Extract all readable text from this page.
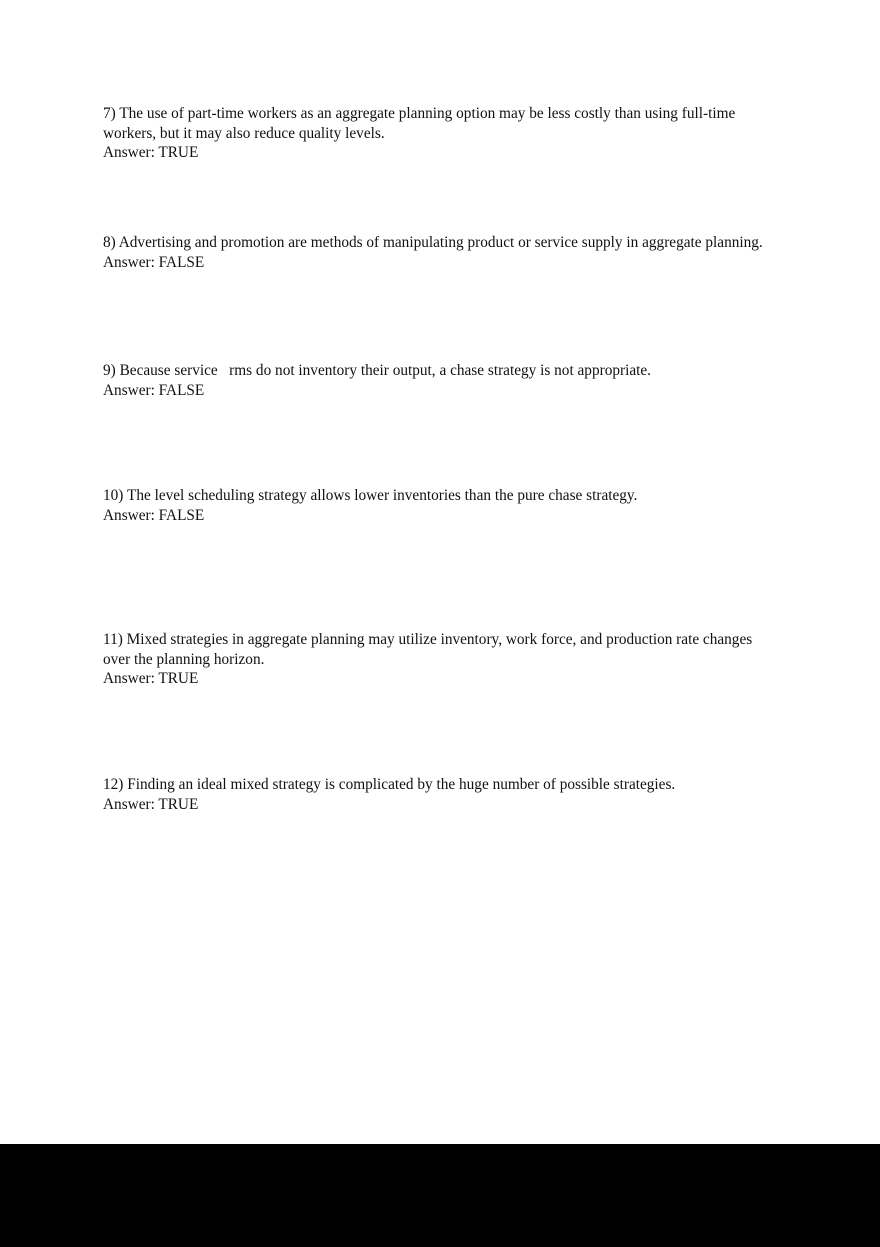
7) The use of part-time workers as an aggregate planning option may be less costly than using full-time workers, but it may also reduce quality levels.

Answer: TRUE

8) Advertising and promotion are methods of manipulating product or service supply in aggregate planning.

Answer: FALSE

9) Because service   rms do not inventory their output, a chase strategy is not appropriate.

Answer: FALSE

10) The level scheduling strategy allows lower inventories than the pure chase strategy.

Answer: FALSE

11) Mixed strategies in aggregate planning may utilize inventory, work force, and production rate changes over the planning horizon.

Answer: TRUE

12) Finding an ideal mixed strategy is complicated by the huge number of possible strategies.

Answer: TRUE
